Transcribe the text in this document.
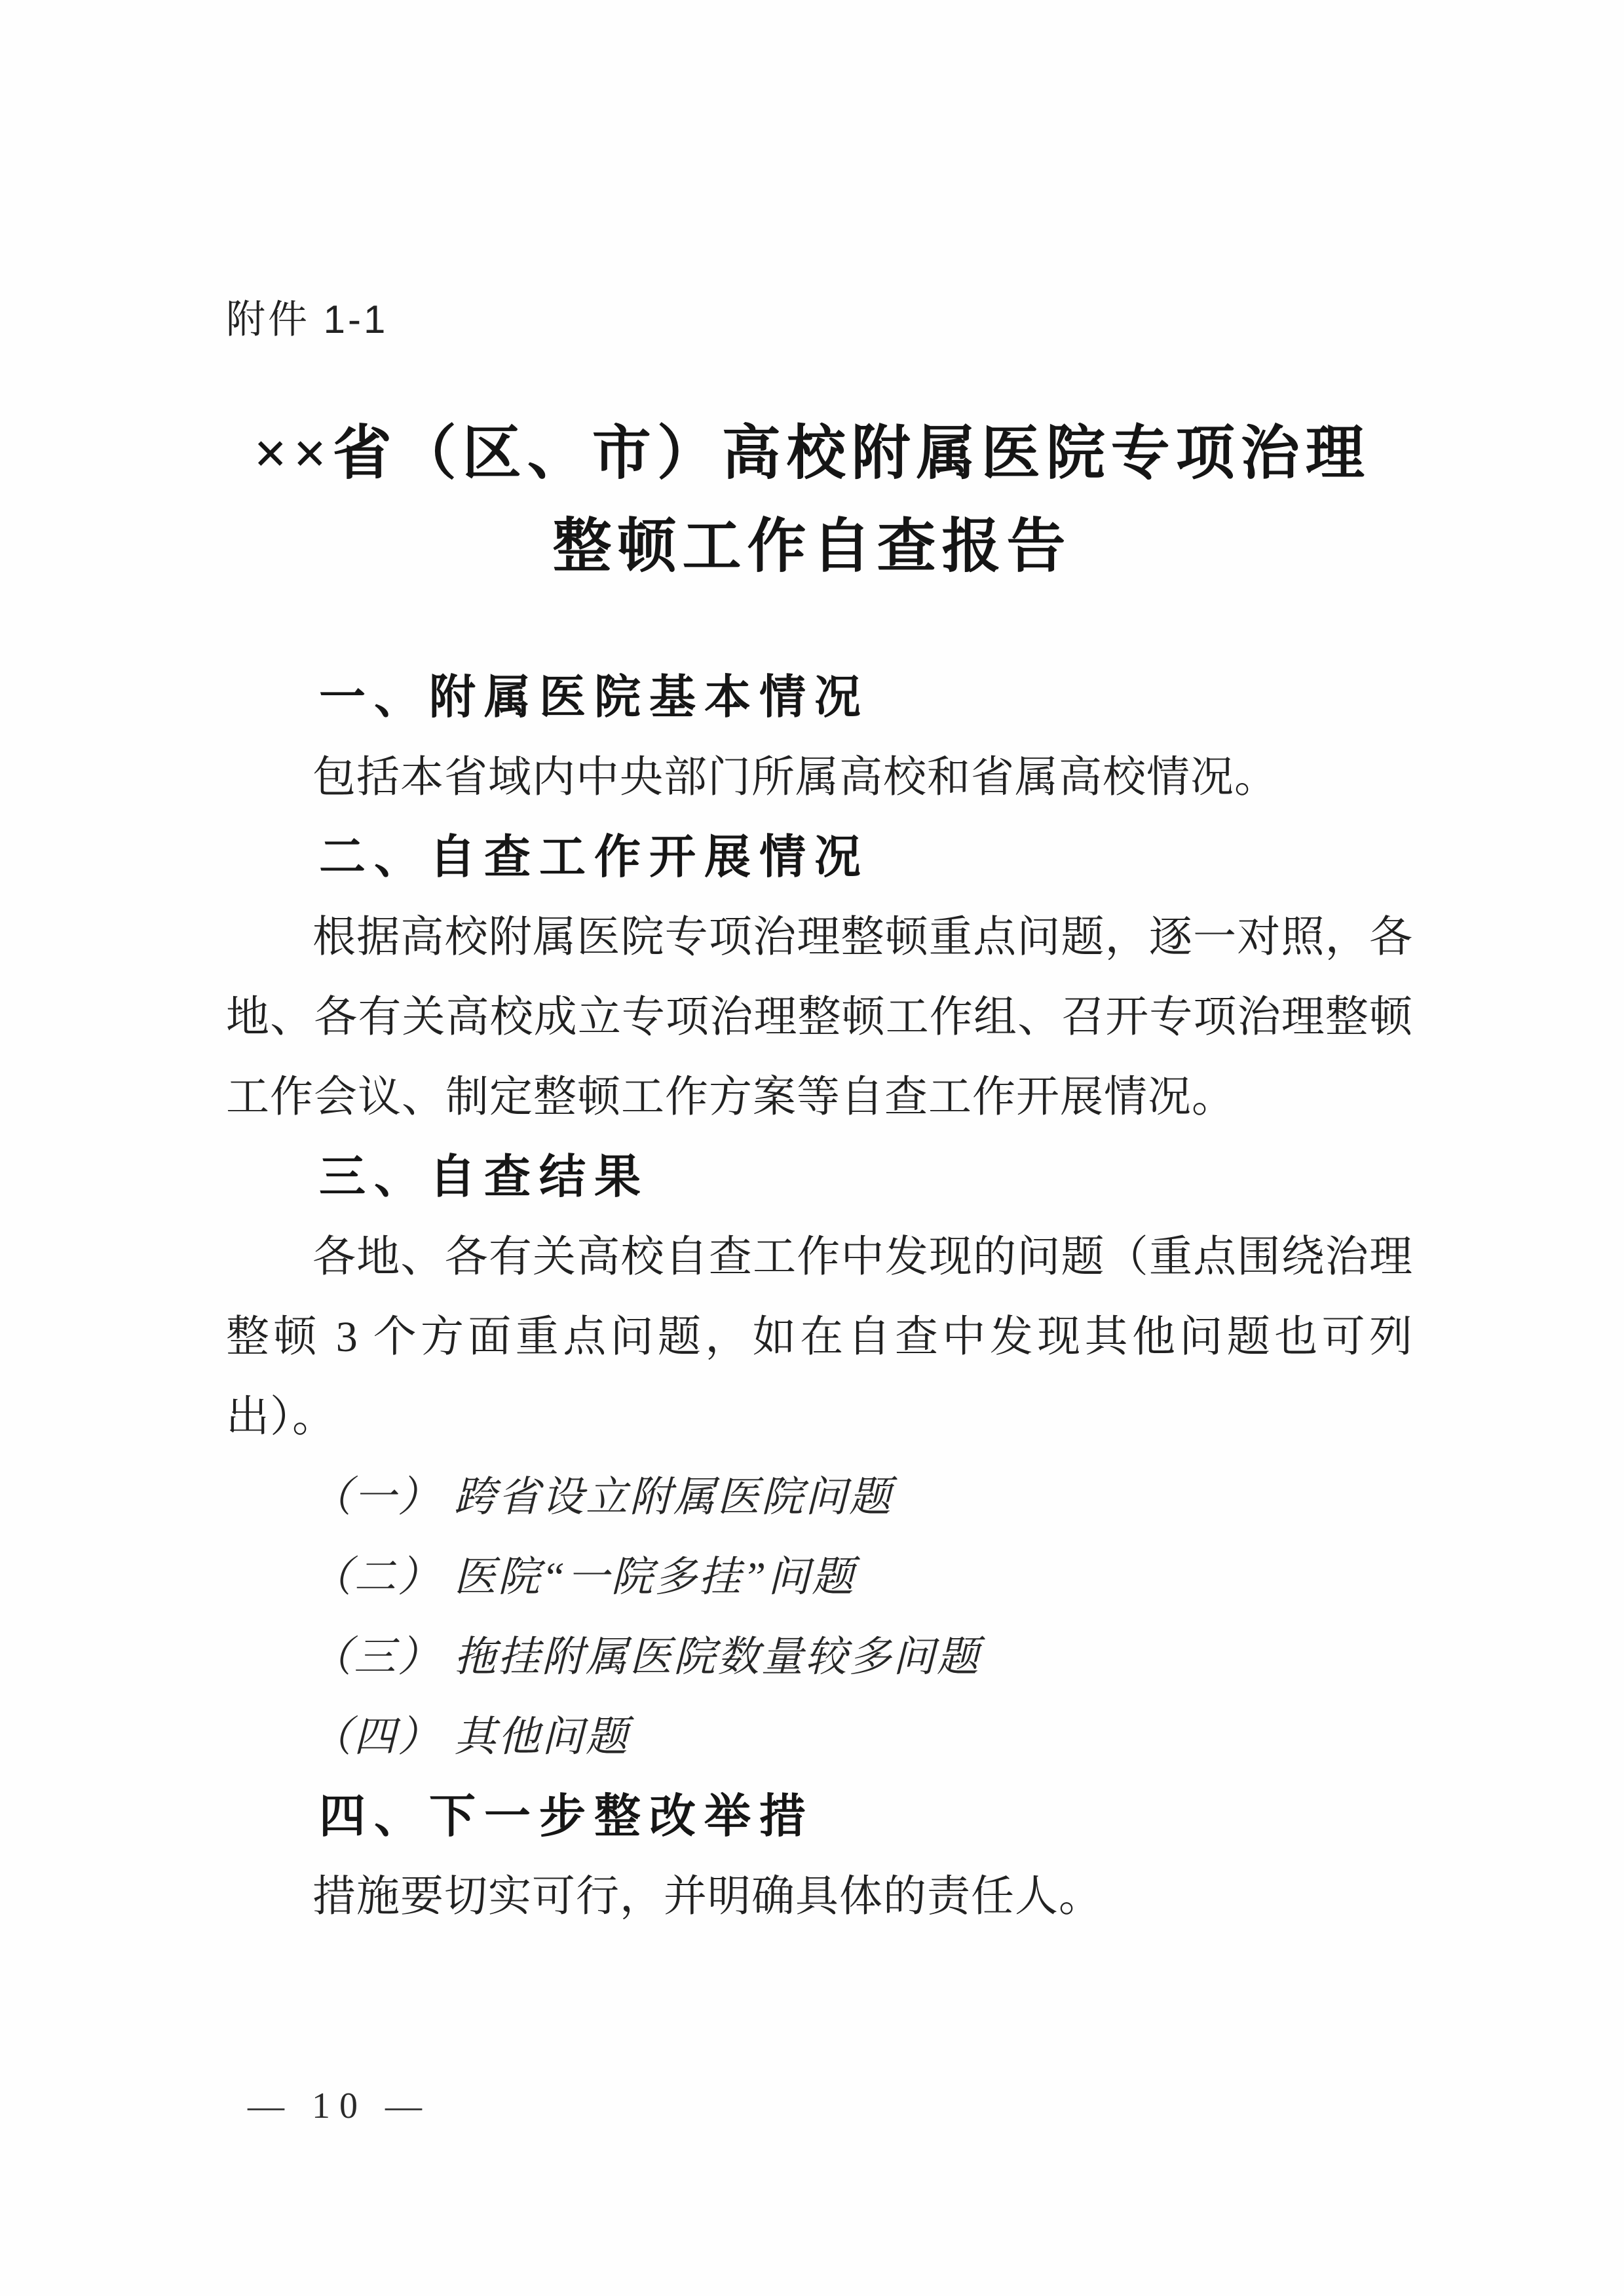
附件 1-1
××省（区、市）高校附属医院专项治理
整顿工作自查报告
一、附属医院基本情况

包括本省域内中央部门所属高校和省属高校情况。

二、自查工作开展情况

根据高校附属医院专项治理整顿重点问题，逐一对照，各地、各有关高校成立专项治理整顿工作组、召开专项治理整顿工作会议、制定整顿工作方案等自查工作开展情况。

三、自查结果

各地、各有关高校自查工作中发现的问题（重点围绕治理整顿 3 个方面重点问题，如在自查中发现其他问题也可列出）。

（一） 跨省设立附属医院问题

（二） 医院“一院多挂”问题

（三） 拖挂附属医院数量较多问题

（四） 其他问题

四、下一步整改举措

措施要切实可行，并明确具体的责任人。

— 10 —
